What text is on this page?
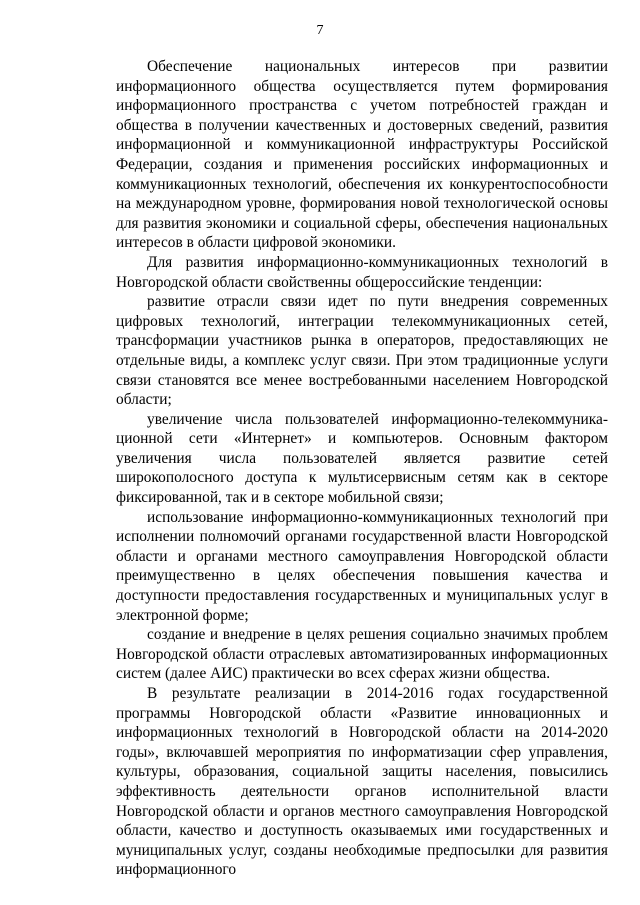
7

Обеспечение национальных интересов при развитии информационного общества осуществляется путем формирования информационного пространства с учетом потребностей граждан и общества в получении качественных и достоверных сведений, развития информационной и коммуникационной инфраструктуры Российской Федерации, создания и применения российских информационных и коммуникационных технологий, обеспечения их конкурентоспособности на международном уровне, формирования новой технологической основы для развития экономики и социальной сферы, обеспечения национальных интересов в области цифровой экономики.

Для развития информационно-коммуникационных технологий в Новгородской области свойственны общероссийские тенденции:

развитие отрасли связи идет по пути внедрения современных цифровых технологий, интеграции телекоммуникационных сетей, трансформации участников рынка в операторов, предоставляющих не отдельные виды, а комплекс услуг связи. При этом традиционные услуги связи становятся все менее востребованными населением Новгородской области;

увеличение числа пользователей информационно-телекоммуникационной сети «Интернет» и компьютеров. Основным фактором увеличения числа пользователей является развитие сетей широкополосного доступа к мультисервисным сетям как в секторе фиксированной, так и в секторе мобильной связи;

использование информационно-коммуникационных технологий при исполнении полномочий органами государственной власти Новгородской области и органами местного самоуправления Новгородской области преимущественно в целях обеспечения повышения качества и доступности предоставления государственных и муниципальных услуг в электронной форме;

создание и внедрение в целях решения социально значимых проблем Новгородской области отраслевых автоматизированных информационных систем (далее АИС) практически во всех сферах жизни общества.

В результате реализации в 2014-2016 годах государственной программы Новгородской области «Развитие инновационных и информационных технологий в Новгородской области на 2014-2020 годы», включавшей мероприятия по информатизации сфер управления, культуры, образования, социальной защиты населения, повысились эффективность деятельности органов исполнительной власти Новгородской области и органов местного самоуправления Новгородской области, качество и доступность оказываемых ими государственных и муниципальных услуг, созданы необходимые предпосылки для развития информационного
